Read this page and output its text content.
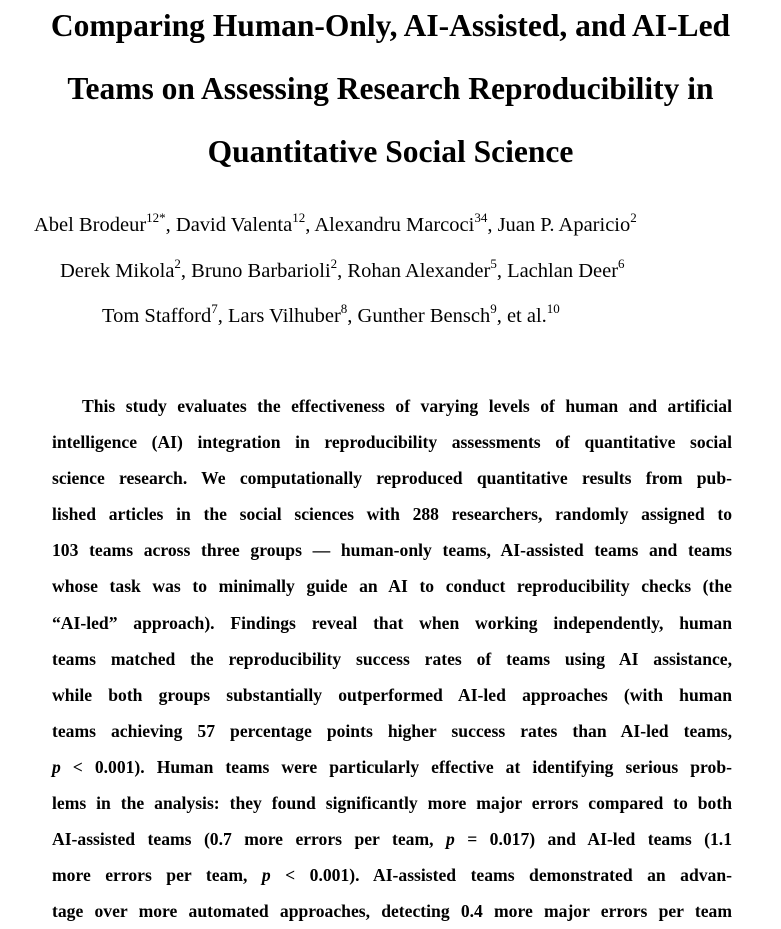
Comparing Human-Only, AI-Assisted, and AI-Led
Teams on Assessing Research Reproducibility in
Quantitative Social Science
Abel Brodeur$^{12*}$, David Valenta$^{12}$, Alexandru Marcoci$^{34}$, Juan P. Aparicio$^2$
Derek Mikola$^2$, Bruno Barbarioli$^2$, Rohan Alexander$^5$, Lachlan Deer$^6$
Tom Stafford$^7$, Lars Vilhuber$^8$, Gunther Bensch$^9$, et al.$^{10}$
This study evaluates the effectiveness of varying levels of human and artificial
intelligence (AI) integration in reproducibility assessments of quantitative social
science research. We computationally reproduced quantitative results from pub-
lished articles in the social sciences with 288 researchers, randomly assigned to
103 teams across three groups — human-only teams, AI-assisted teams and teams
whose task was to minimally guide an AI to conduct reproducibility checks (the
“AI-led” approach). Findings reveal that when working independently, human
teams matched the reproducibility success rates of teams using AI assistance,
while both groups substantially outperformed AI-led approaches (with human
teams achieving 57 percentage points higher success rates than AI-led teams,
p < 0.001). Human teams were particularly effective at identifying serious prob-
lems in the analysis: they found significantly more major errors compared to both
AI-assisted teams (0.7 more errors per team, p = 0.017) and AI-led teams (1.1
more errors per team, p < 0.001). AI-assisted teams demonstrated an advan-
tage over more automated approaches, detecting 0.4 more major errors per team
